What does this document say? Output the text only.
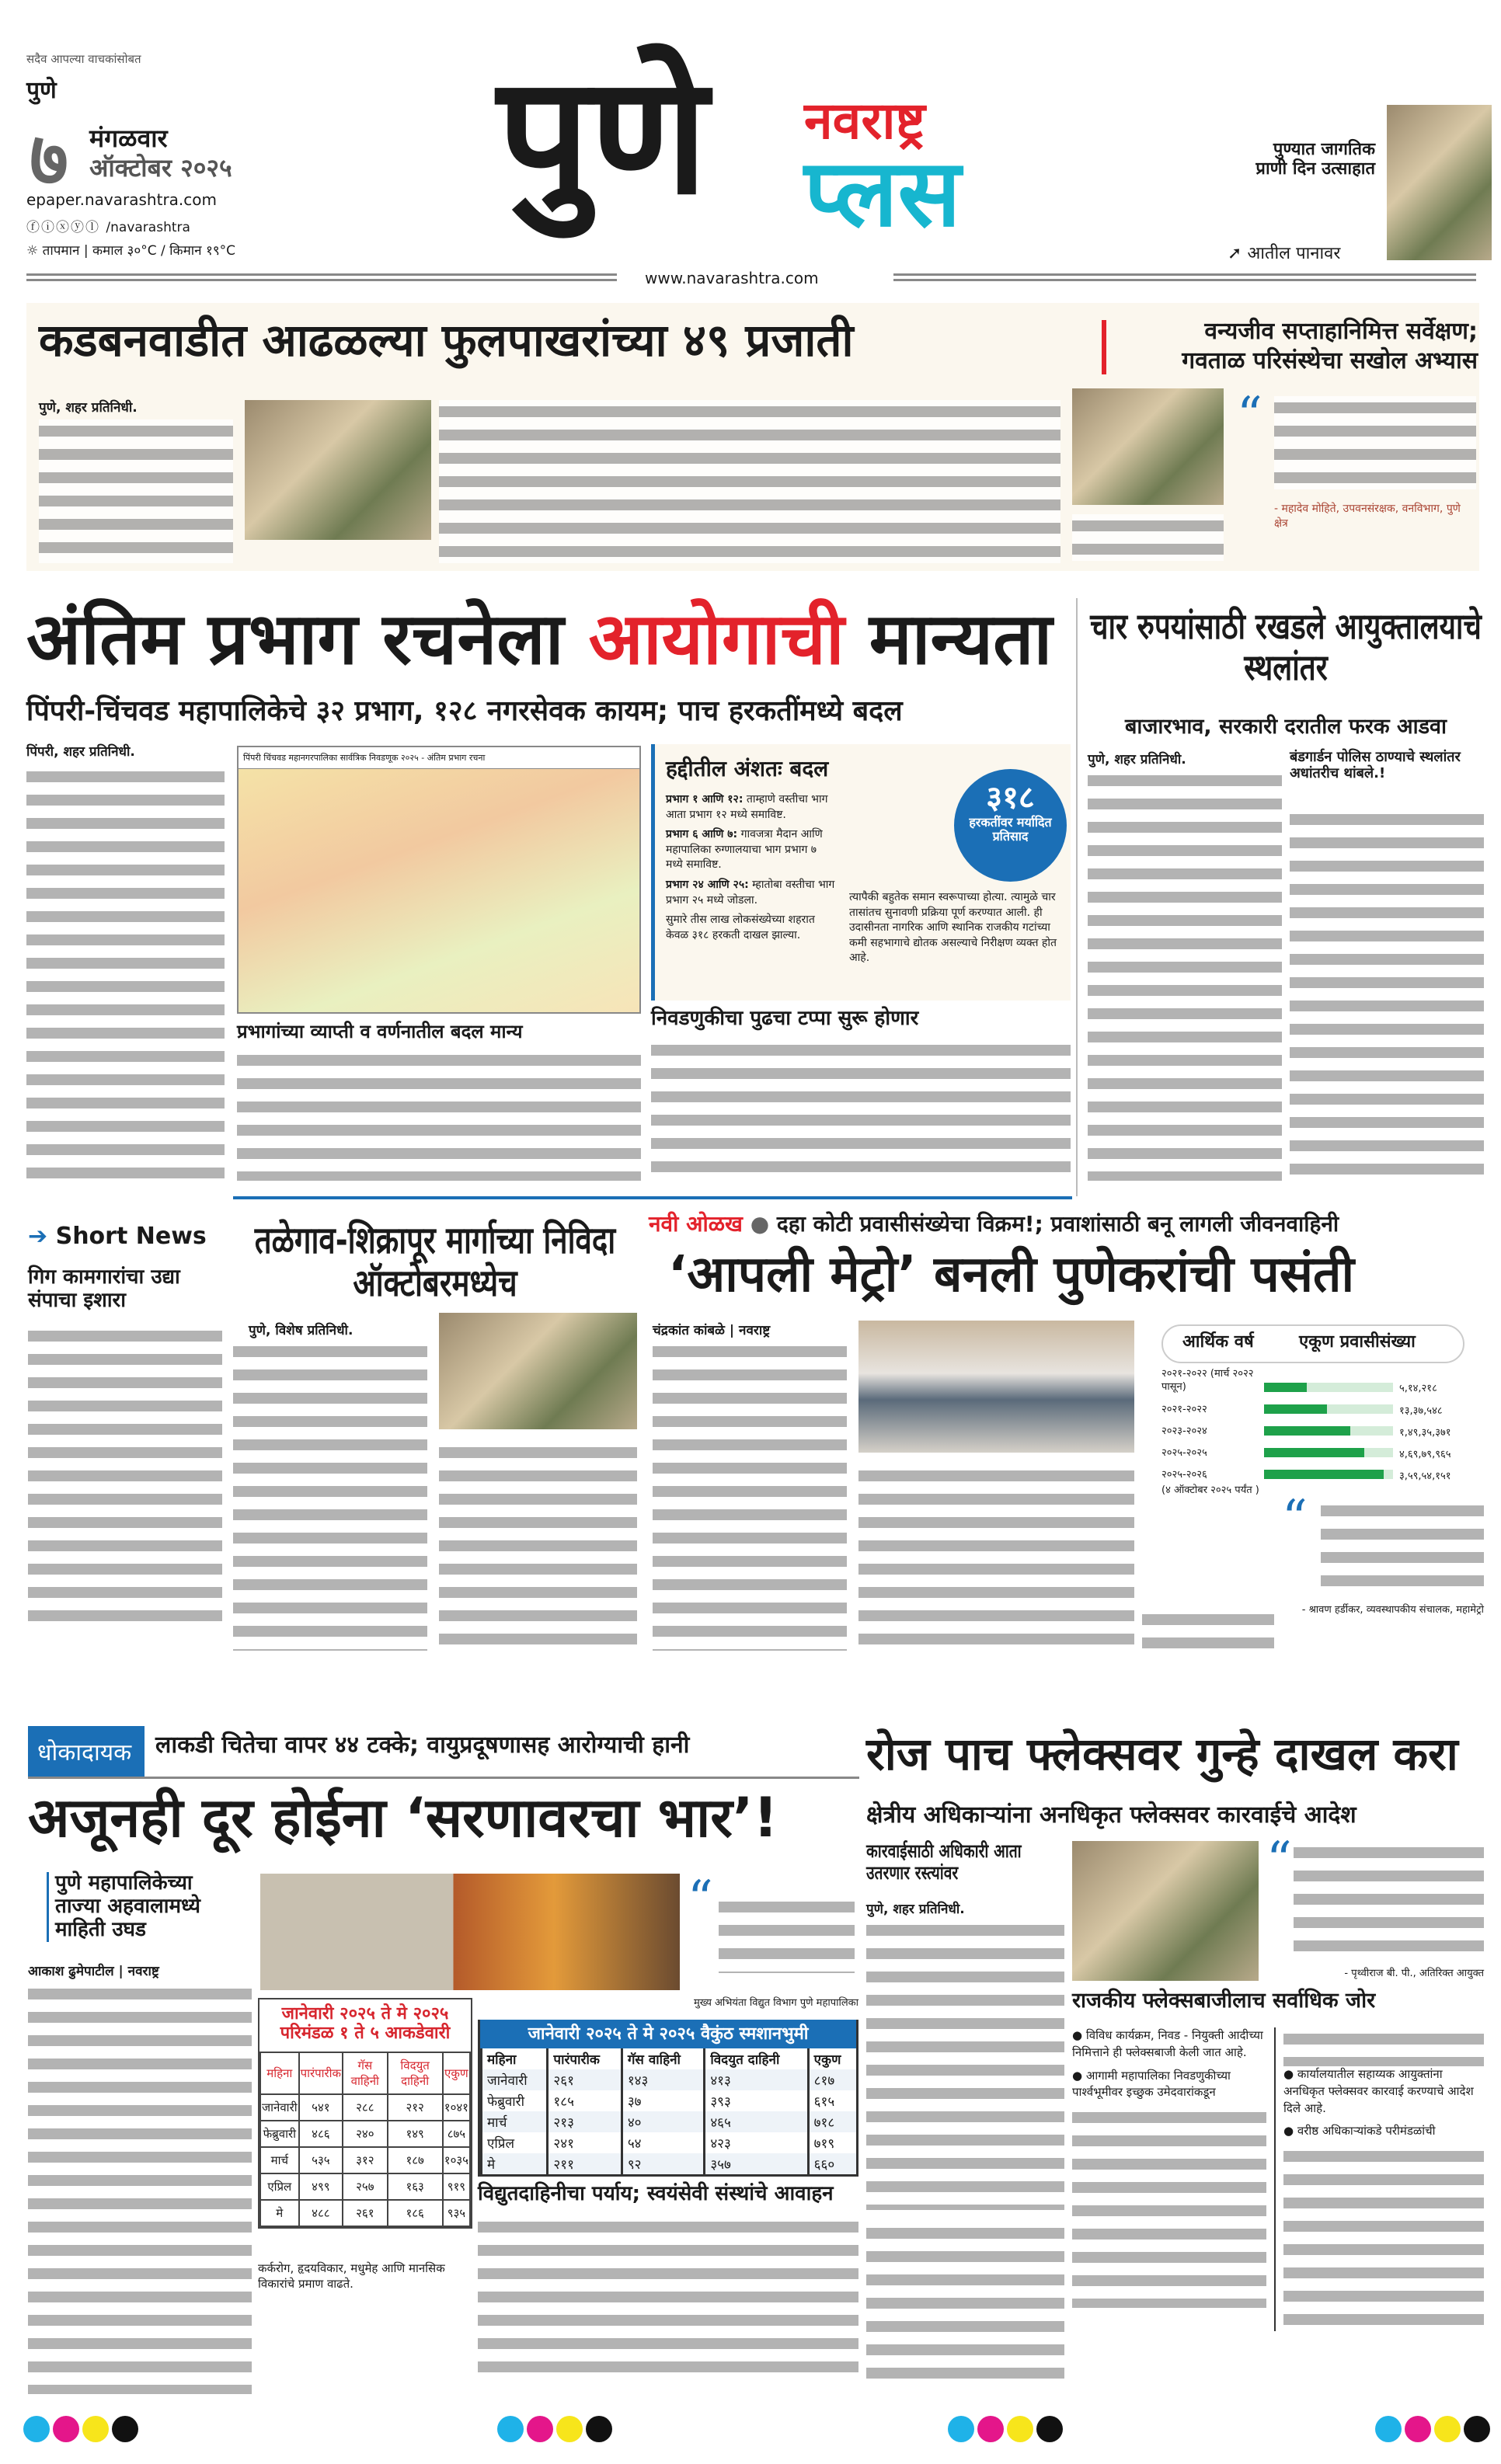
सदैव आपल्या वाचकांसोबत
पुणे
७ मंगळवार
ऑक्टोबर २०२५
epaper.navarashtra.com
ⓕⓘⓧⓨⓛ /navarashtra
☼ तापमान | कमाल ३०°C / किमान १९°C
पुणे	नवराष्ट्र
प्लस
www.navarashtra.com
पुण्यात जागतिक प्राणी दिन उत्साहात
➚ आतील पानावर
कडबनवाडीत आढळल्या फुलपाखरांच्या ४९ प्रजाती	वन्यजीव सप्ताहानिमित्त सर्वेक्षण;
गवताळ परिसंस्थेचा सखोल अभ्यास
पुणे, शहर प्रतिनिधी.	“
- महादेव मोहिते, उपवनसंरक्षक, वनविभाग, पुणे क्षेत्र
अंतिम प्रभाग रचनेला आयोगाची मान्यता
पिंपरी-चिंचवड महापालिकेचे ३२ प्रभाग, १२८ नगरसेवक कायम; पाच हरकतींमध्ये बदल
पिंपरी, शहर प्रतिनिधी.	पिंपरी चिंचवड महानगरपालिका सार्वत्रिक निवडणूक २०२५ - अंतिम प्रभाग रचना
प्रभागांच्या व्याप्ती व वर्णनातील बदल मान्य
हद्दीतील अंशतः बदल

प्रभाग १ आणि १२: ताम्हाणे वस्तीचा भाग आता प्रभाग १२ मध्ये समाविष्ट.

प्रभाग ६ आणि ७: गावजत्रा मैदान आणि महापालिका रुग्णालयाचा भाग प्रभाग ७ मध्ये समाविष्ट.

प्रभाग २४ आणि २५: म्हातोबा वस्तीचा भाग प्रभाग २५ मध्ये जोडला.

सुमारे तीस लाख लोकसंख्येच्या शहरात केवळ ३१८ हरकती दाखल झाल्या.

त्यापैकी बहुतेक समान स्वरूपाच्या होत्या. त्यामुळे चार तासांतच सुनावणी प्रक्रिया पूर्ण करण्यात आली. ही उदासीनता नागरिक आणि स्थानिक राजकीय गटांच्या कमी सहभागाचे द्योतक असल्याचे निरीक्षण व्यक्त होत आहे.
३१८
हरकतींवर मर्यादित प्रतिसाद
निवडणुकीचा पुढचा टप्पा सुरू होणार
चार रुपयांसाठी रखडले आयुक्तालयाचे स्थलांतर
बाजारभाव, सरकारी दरातील फरक आडवा
पुणे, शहर प्रतिनिधी.	बंडगार्डन पोलिस ठाण्याचे स्थलांतर अधांतरीच थांबले.!
➔ Short News
गिग कामगारांचा उद्या संपाचा इशारा
तळेगाव-शिक्रापूर मार्गाच्या निविदा ऑक्टोबरमध्येच
पुणे, विशेष प्रतिनिधी.
नवी ओळख ● दहा कोटी प्रवासीसंख्येचा विक्रम!; प्रवाशांसाठी बनू लागली जीवनवाहिनी
‘आपली मेट्रो’ बनली पुणेकरांची पसंती
चंद्रकांत कांबळे | नवराष्ट्र
आर्थिक वर्ष	एकूण प्रवासीसंख्या
२०२१-२०२२ (मार्च २०२२ पासून)	५,१४,२१८
२०२१-२०२२	१३,३७,५४८
२०२३-२०२४	१,४९,३५,३७१
२०२५-२०२५	४,६९,७९,९६५
२०२५-२०२६	३,५९,५४,१५१
(४ ऑक्टोबर २०२५ पर्यंत ) “
- श्रावण हर्डीकर, व्यवस्थापकीय संचालक, महामेट्रो
धोकादायक	लाकडी चितेचा वापर ४४ टक्के; वायुप्रदूषणासह आरोग्याची हानी
अजूनही दूर होईना ‘सरणावरचा भार’!
पुणे महापालिकेच्या ताज्या अहवालामध्ये माहिती उघड
आकाश ढुमेपाटील | नवराष्ट्र
“
मुख्य अभियंता विद्युत विभाग पुणे महापालिका
जानेवारी २०२५ ते मे २०२५ परिमंडळ १ ते ५ आकडेवारी
महिना	पारंपारीक	गॅस वाहिनी	विदयुत दाहिनी	एकुण
जानेवारी	५४१	२८८	२१२	१०४१
फेब्रुवारी	४८६	२४०	१४९	८७५
मार्च	५३५	३१२	१८७	१०३५
एप्रिल	४९९	२५७	१६३	९१९
मे	४८८	२६१	१८६	९३५
कर्करोग, हृदयविकार, मधुमेह आणि मानसिक विकारांचे प्रमाण वाढते.
जानेवारी २०२५ ते मे २०२५ वैकुंठ स्मशानभुमी
महिना	पारंपारीक	गॅस वाहिनी	विदयुत दाहिनी	एकुण
जानेवारी	२६१	१४३	४१३	८१७
फेब्रुवारी	१८५	३७	३९३	६१५
मार्च	२१३	४०	४६५	७१८
एप्रिल	२४१	५४	४२३	७१९
मे	२११	९२	३५७	६६०
विद्युतदाहिनीचा पर्याय; स्वयंसेवी संस्थांचे आवाहन
रोज पाच फ्लेक्सवर गुन्हे दाखल करा
क्षेत्रीय अधिकाऱ्यांना अनधिकृत फ्लेक्सवर कारवाईचे आदेश
कारवाईसाठी अधिकारी आता उतरणार रस्त्यांवर
पुणे, शहर प्रतिनिधी.
“
- पृथ्वीराज बी. पी., अतिरिक्त आयुक्त
राजकीय फ्लेक्सबाजीलाच सर्वाधिक जोर

● विविध कार्यक्रम, निवड - नियुक्ती आदीच्या निमित्ताने ही फ्लेक्सबाजी केली जात आहे.

● आगामी महापालिका निवडणुकीच्या पार्श्वभूमीवर इच्छुक उमेदवारांकडून

● कार्यालयातील सहाय्यक आयुक्तांना अनधिकृत फ्लेक्सवर कारवाई करण्याचे आदेश दिले आहे.

● वरीष्ठ अधिकाऱ्यांकडे परीमंडळांची
